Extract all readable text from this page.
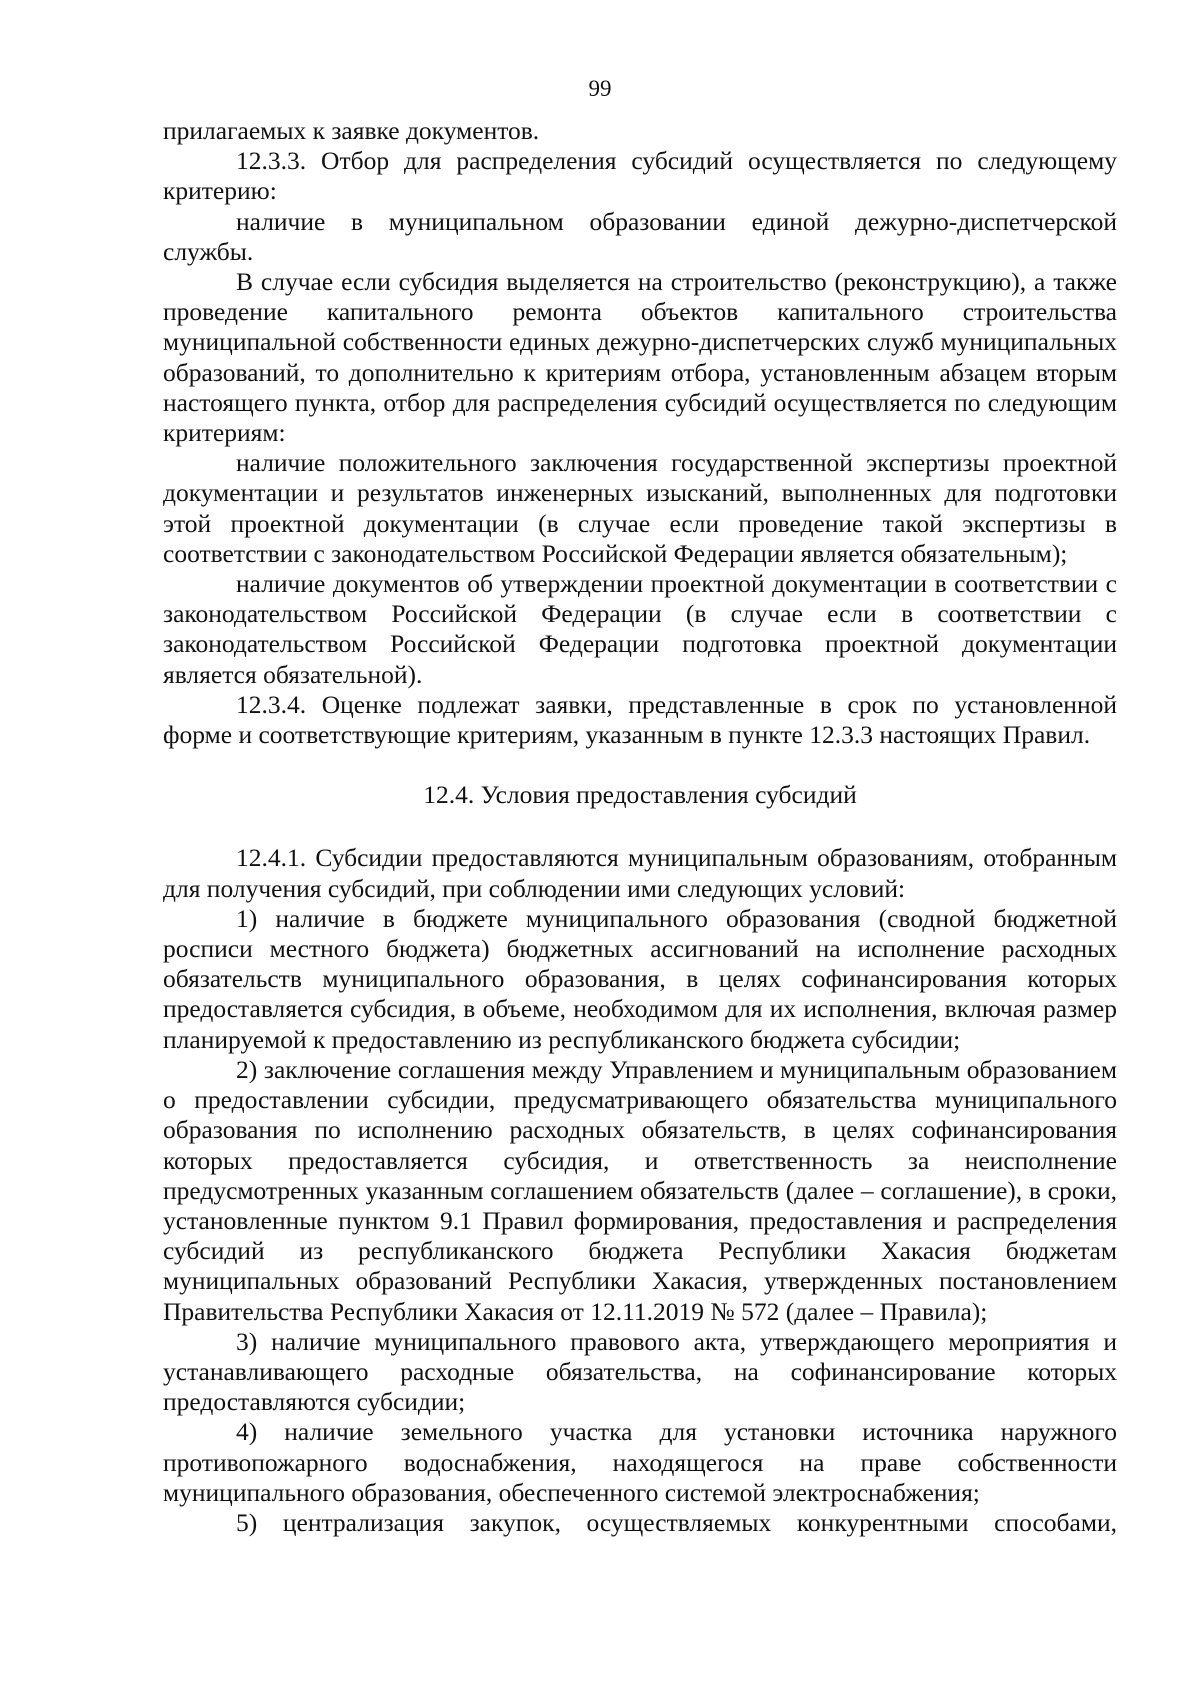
99

прилагаемых к заявке документов.

12.3.3. Отбор для распределения субсидий осуществляется по следующему критерию:

наличие в муниципальном образовании единой дежурно-диспетчерской службы.

В случае если субсидия выделяется на строительство (реконструкцию), а также проведение капитального ремонта объектов капитального строительства муниципальной собственности единых дежурно-диспетчерских служб муниципальных образований, то дополнительно к критериям отбора, установленным абзацем вторым настоящего пункта, отбор для распределения субсидий осуществляется по следующим критериям:

наличие положительного заключения государственной экспертизы проектной документации и результатов инженерных изысканий, выполненных для подготовки этой проектной документации (в случае если проведение такой экспертизы в соответствии с законодательством Российской Федерации является обязательным);

наличие документов об утверждении проектной документации в соответствии с законодательством Российской Федерации (в случае если в соответствии с законодательством Российской Федерации подготовка проектной документации является обязательной).

12.3.4. Оценке подлежат заявки, представленные в срок по установленной форме и соответствующие критериям, указанным в пункте 12.3.3 настоящих Правил.

12.4. Условия предоставления субсидий

12.4.1. Субсидии предоставляются муниципальным образованиям, отобранным для получения субсидий, при соблюдении ими следующих условий:

1) наличие в бюджете муниципального образования (сводной бюджетной росписи местного бюджета) бюджетных ассигнований на исполнение расходных обязательств муниципального образования, в целях софинансирования которых предоставляется субсидия, в объеме, необходимом для их исполнения, включая размер планируемой к предоставлению из республиканского бюджета субсидии;

2) заключение соглашения между Управлением и муниципальным образованием о предоставлении субсидии, предусматривающего обязательства муниципального образования по исполнению расходных обязательств, в целях софинансирования которых предоставляется субсидия, и ответственность за неисполнение предусмотренных указанным соглашением обязательств (далее – соглашение), в сроки, установленные пунктом 9.1 Правил формирования, предоставления и распределения субсидий из республиканского бюджета Республики Хакасия бюджетам муниципальных образований Республики Хакасия, утвержденных постановлением Правительства Республики Хакасия от 12.11.2019 № 572 (далее – Правила);

3) наличие муниципального правового акта, утверждающего мероприятия и устанавливающего расходные обязательства, на софинансирование которых предоставляются субсидии;

4) наличие земельного участка для установки источника наружного противопожарного водоснабжения, находящегося на праве собственности муниципального образования, обеспеченного системой электроснабжения;

5) централизация закупок, осуществляемых конкурентными способами,
